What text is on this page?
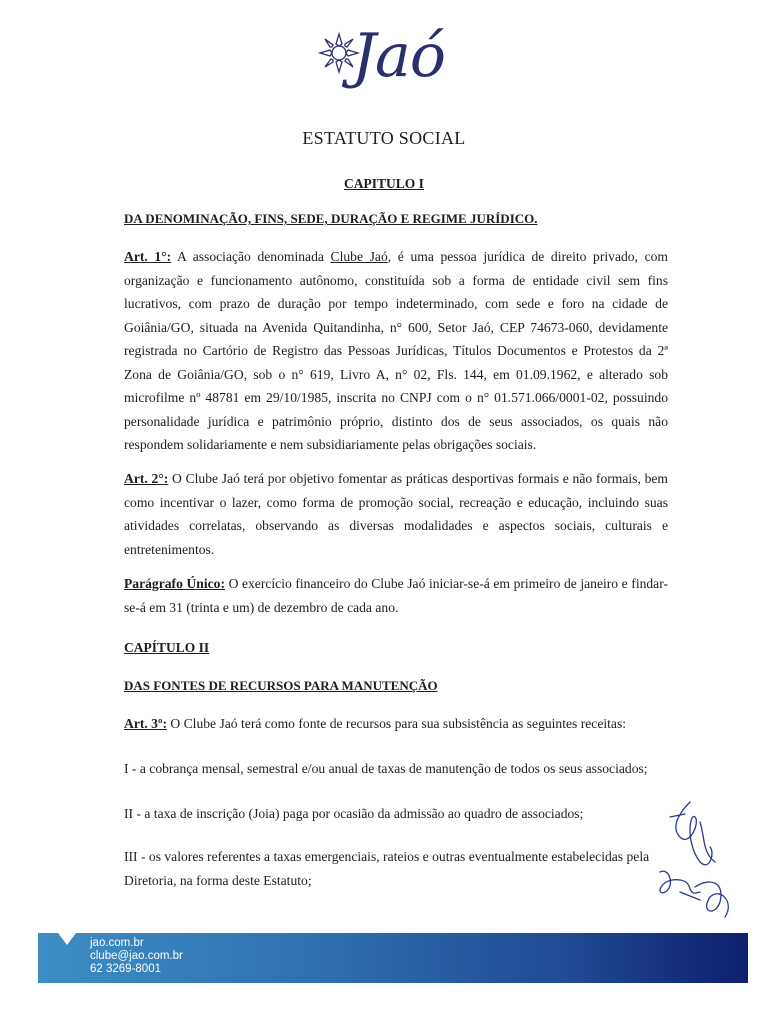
Jaó
ESTATUTO SOCIAL
CAPITULO I
DA DENOMINAÇÃO, FINS, SEDE, DURAÇÃO E REGIME JURÍDICO.
Art. 1°: A associação denominada Clube Jaó, é uma pessoa jurídica de direito privado, com organização e funcionamento autônomo, constituída sob a forma de entidade civil sem fins lucrativos, com prazo de duração por tempo indeterminado, com sede e foro na cidade de Goiânia/GO, situada na Avenida Quitandinha, n° 600, Setor Jaó, CEP 74673-060, devidamente registrada no Cartório de Registro das Pessoas Jurídicas, Títulos Documentos e Protestos da 2ª Zona de Goiânia/GO, sob o n° 619, Livro A, n° 02, Fls. 144, em 01.09.1962, e alterado sob microfilme nº 48781 em 29/10/1985, inscrita no CNPJ com o n° 01.571.066/0001-02, possuindo personalidade jurídica e patrimônio próprio, distinto dos de seus associados, os quais não respondem solidariamente e nem subsidiariamente pelas obrigações sociais.
Art. 2°: O Clube Jaó terá por objetivo fomentar as práticas desportivas formais e não formais, bem como incentivar o lazer, como forma de promoção social, recreação e educação, incluindo suas atividades correlatas, observando as diversas modalidades e aspectos sociais, culturais e entretenimentos.
Parágrafo Único: O exercício financeiro do Clube Jaó iniciar-se-á em primeiro de janeiro e findar-se-á em 31 (trinta e um) de dezembro de cada ano.
CAPÍTULO II
DAS FONTES DE RECURSOS PARA MANUTENÇÃO
Art. 3º: O Clube Jaó terá como fonte de recursos para sua subsistência as seguintes receitas:
I - a cobrança mensal, semestral e/ou anual de taxas de manutenção de todos os seus associados;
II - a taxa de inscrição (Joia) paga por ocasião da admissão ao quadro de associados;
III - os valores referentes a taxas emergenciais, rateios e outras eventualmente estabelecidas pela Diretoria, na forma deste Estatuto;
jao.com.br
clube@jao.com.br
62 3269-8001
